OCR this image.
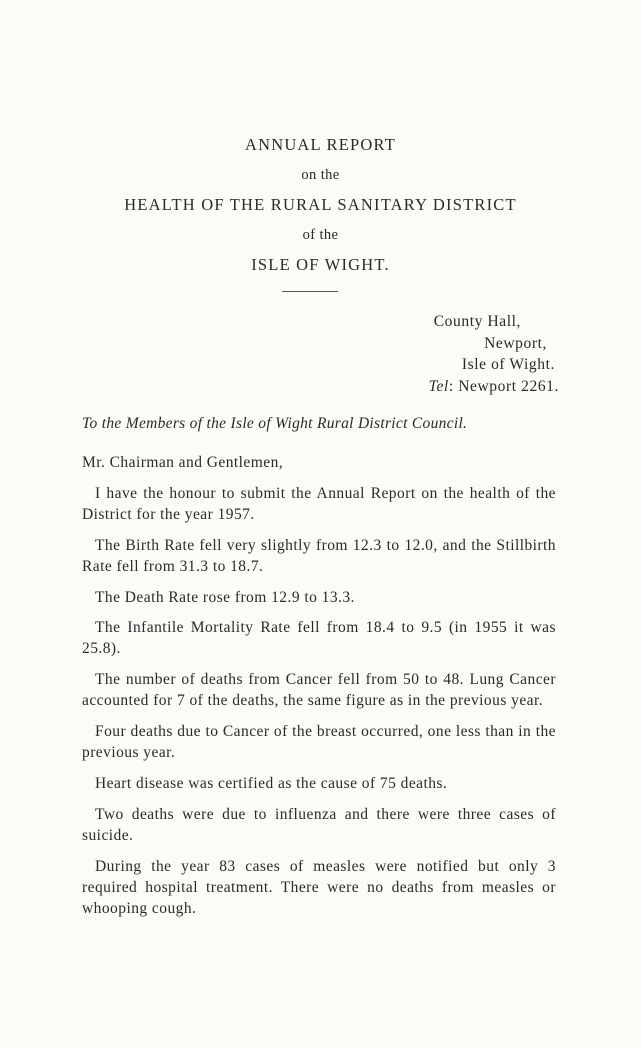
ANNUAL REPORT
on the
HEALTH OF THE RURAL SANITARY DISTRICT
of the
ISLE OF WIGHT.
County Hall,
Newport,
Isle of Wight.
Tel: Newport 2261.
To the Members of the Isle of Wight Rural District Council.

Mr. Chairman and Gentlemen,

I have the honour to submit the Annual Report on the health of the District for the year 1957.

The Birth Rate fell very slightly from 12.3 to 12.0, and the Stillbirth Rate fell from 31.3 to 18.7.

The Death Rate rose from 12.9 to 13.3.

The Infantile Mortality Rate fell from 18.4 to 9.5 (in 1955 it was 25.8).

The number of deaths from Cancer fell from 50 to 48. Lung Cancer accounted for 7 of the deaths, the same figure as in the previous year.

Four deaths due to Cancer of the breast occurred, one less than in the previous year.

Heart disease was certified as the cause of 75 deaths.

Two deaths were due to influenza and there were three cases of suicide.

During the year 83 cases of measles were notified but only 3 required hospital treatment. There were no deaths from measles or whooping cough.
